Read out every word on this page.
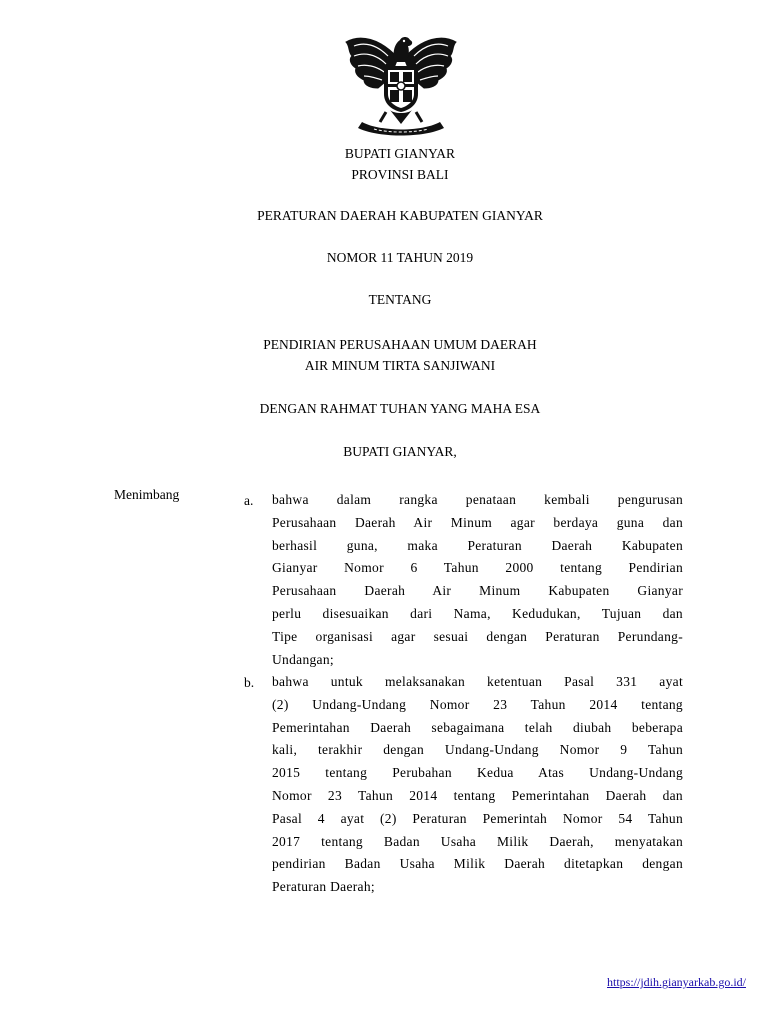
BUPATI GIANYAR
PROVINSI BALI
PERATURAN DAERAH KABUPATEN GIANYAR
NOMOR 11 TAHUN 2019
TENTANG
PENDIRIAN PERUSAHAAN UMUM DAERAH
AIR MINUM TIRTA SANJIWANI
DENGAN RAHMAT TUHAN YANG MAHA ESA
BUPATI GIANYAR,
Menimbang	a. bahwa dalam rangka penataan kembali pengurusan
Perusahaan Daerah Air Minum agar berdaya guna dan
berhasil guna, maka Peraturan Daerah Kabupaten
Gianyar Nomor 6 Tahun 2000 tentang Pendirian
Perusahaan Daerah Air Minum Kabupaten Gianyar
perlu disesuaikan dari Nama, Kedudukan, Tujuan dan
Tipe organisasi agar sesuai dengan Peraturan Perundang-
Undangan;
b. bahwa untuk melaksanakan ketentuan Pasal 331 ayat
(2) Undang-Undang Nomor 23 Tahun 2014 tentang
Pemerintahan Daerah sebagaimana telah diubah beberapa
kali, terakhir dengan Undang-Undang Nomor 9 Tahun
2015 tentang Perubahan Kedua Atas Undang-Undang
Nomor 23 Tahun 2014 tentang Pemerintahan Daerah dan
Pasal 4 ayat (2) Peraturan Pemerintah Nomor 54 Tahun
2017 tentang Badan Usaha Milik Daerah, menyatakan
pendirian Badan Usaha Milik Daerah ditetapkan dengan
Peraturan Daerah;
https://jdih.gianyarkab.go.id/
